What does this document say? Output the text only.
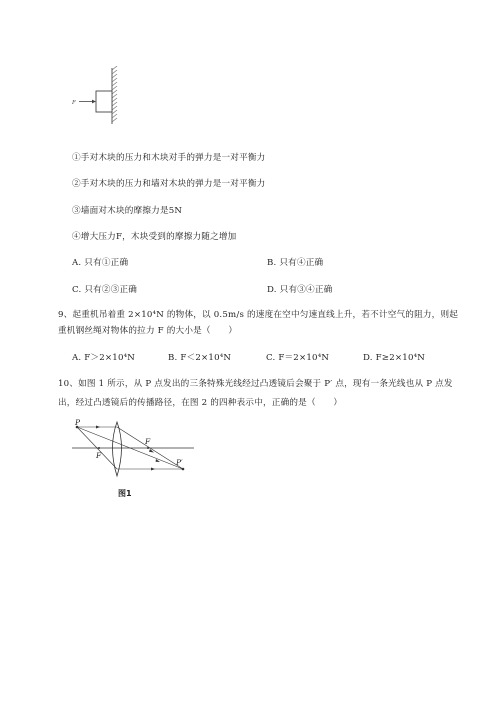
F
①手对木块的压力和木块对手的弹力是一对平衡力
②手对木块的压力和墙对木块的弹力是一对平衡力
③墙面对木块的摩擦力是5N
④增大压力F，木块受到的摩擦力随之增加
A. 只有①正确	B. 只有④正确
C. 只有②③正确	D. 只有③④正确
9、起重机吊着重 2×10⁴N 的物体，以 0.5m/s 的速度在空中匀速直线上升，若不计空气的阻力，则起
重机钢丝绳对物体的拉力 F 的大小是（　　）
A. F＞2×10⁴N	B. F＜2×10⁴N	C. F＝2×10⁴N	D. F≥2×10⁴N
10、如图 1 所示，从 P 点发出的三条特殊光线经过凸透镜后会聚于 P′ 点，现有一条光线也从 P 点发
出，经过凸透镜后的传播路径，在图 2 的四种表示中，正确的是（　　）
P
F
F
P′
图1
